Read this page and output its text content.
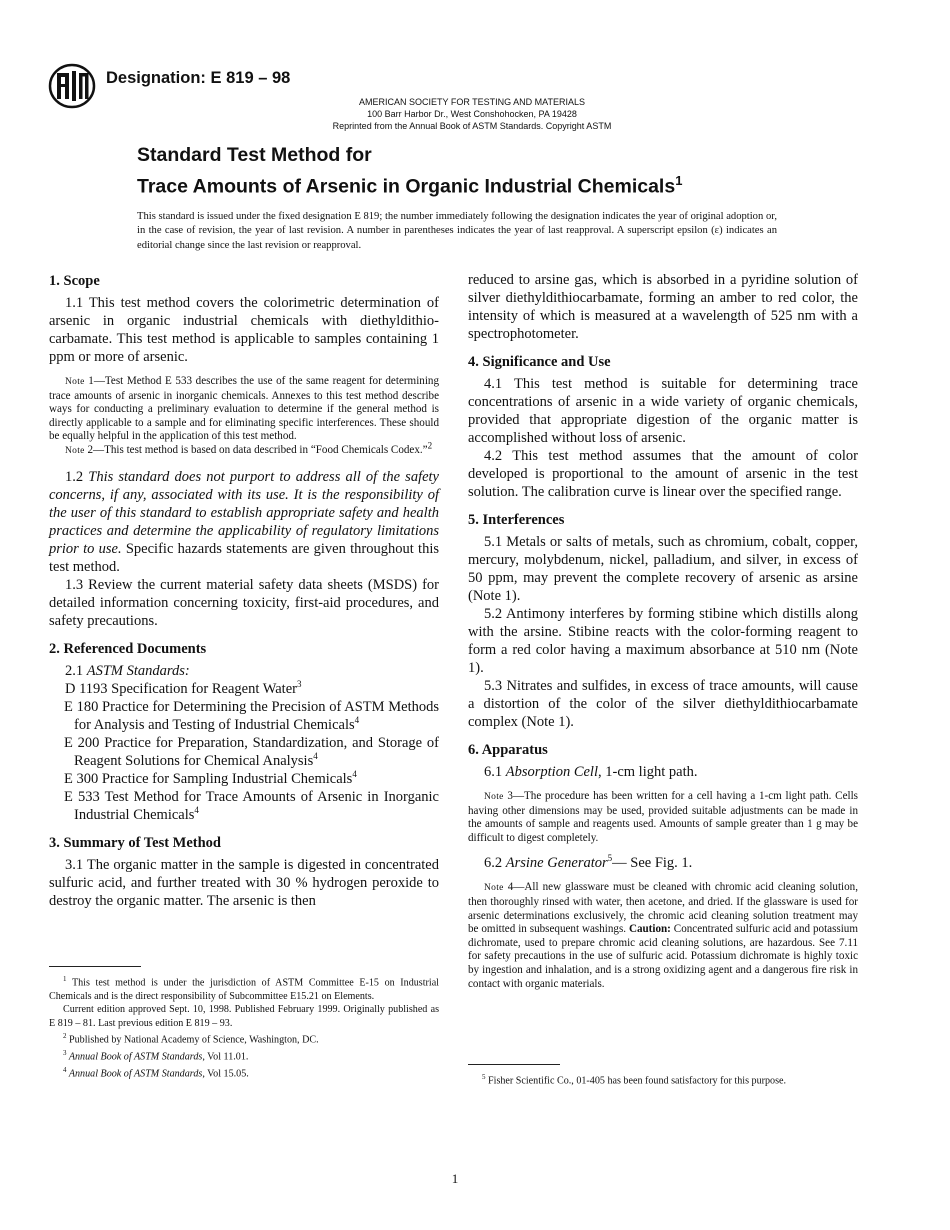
Designation: E 819 – 98
AMERICAN SOCIETY FOR TESTING AND MATERIALS
100 Barr Harbor Dr., West Conshohocken, PA 19428
Reprinted from the Annual Book of ASTM Standards. Copyright ASTM
Standard Test Method for
Trace Amounts of Arsenic in Organic Industrial Chemicals$^1$
This standard is issued under the fixed designation E 819; the number immediately following the designation indicates the year of original adoption or, in the case of revision, the year of last revision. A number in parentheses indicates the year of last reapproval. A superscript epsilon (ε) indicates an editorial change since the last revision or reapproval.
1. Scope

1.1 This test method covers the colorimetric determination of arsenic in organic industrial chemicals with diethyldithio-carbamate. This test method is applicable to samples containing 1 ppm or more of arsenic.

Note 1—Test Method E 533 describes the use of the same reagent for determining trace amounts of arsenic in inorganic chemicals. Annexes to this test method describe ways for conducting a preliminary evaluation to determine if the general method is directly applicable to a sample and for eliminating specific interferences. These should be equally helpful in the application of this test method.

Note 2—This test method is based on data described in “Food Chemicals Codex.”$^2$

1.2 This standard does not purport to address all of the safety concerns, if any, associated with its use. It is the responsibility of the user of this standard to establish appropriate safety and health practices and determine the applicability of regulatory limitations prior to use. Specific hazards statements are given throughout this test method.

1.3 Review the current material safety data sheets (MSDS) for detailed information concerning toxicity, first-aid procedures, and safety precautions.

2. Referenced Documents

2.1 ASTM Standards:

D 1193 Specification for Reagent Water$^3$
E 180 Practice for Determining the Precision of ASTM Methods for Analysis and Testing of Industrial Chemicals$^4$
E 200 Practice for Preparation, Standardization, and Storage of Reagent Solutions for Chemical Analysis$^4$
E 300 Practice for Sampling Industrial Chemicals$^4$
E 533 Test Method for Trace Amounts of Arsenic in Inorganic Industrial Chemicals$^4$
3. Summary of Test Method

3.1 The organic matter in the sample is digested in concentrated sulfuric acid, and further treated with 30 % hydrogen peroxide to destroy the organic matter. The arsenic is then

$^1$ This test method is under the jurisdiction of ASTM Committee E-15 on Industrial Chemicals and is the direct responsibility of Subcommittee E15.21 on Elements.

Current edition approved Sept. 10, 1998. Published February 1999. Originally published as E 819 – 81. Last previous edition E 819 – 93.

$^2$ Published by National Academy of Science, Washington, DC.

$^3$ Annual Book of ASTM Standards, Vol 11.01.

$^4$ Annual Book of ASTM Standards, Vol 15.05.

reduced to arsine gas, which is absorbed in a pyridine solution of silver diethyldithiocarbamate, forming an amber to red color, the intensity of which is measured at a wavelength of 525 nm with a spectrophotometer.

4. Significance and Use

4.1 This test method is suitable for determining trace concentrations of arsenic in a wide variety of organic chemicals, provided that appropriate digestion of the organic matter is accomplished without loss of arsenic.

4.2 This test method assumes that the amount of color developed is proportional to the amount of arsenic in the test solution. The calibration curve is linear over the specified range.

5. Interferences

5.1 Metals or salts of metals, such as chromium, cobalt, copper, mercury, molybdenum, nickel, palladium, and silver, in excess of 50 ppm, may prevent the complete recovery of arsenic as arsine (Note 1).

5.2 Antimony interferes by forming stibine which distills along with the arsine. Stibine reacts with the color-forming reagent to form a red color having a maximum absorbance at 510 nm (Note 1).

5.3 Nitrates and sulfides, in excess of trace amounts, will cause a distortion of the color of the silver diethyldithiocarbamate complex (Note 1).

6. Apparatus

6.1 Absorption Cell, 1-cm light path.

Note 3—The procedure has been written for a cell having a 1-cm light path. Cells having other dimensions may be used, provided suitable adjustments can be made in the amounts of sample and reagents used. Amounts of sample greater than 1 g may be difficult to digest completely.

6.2 Arsine Generator$^5$— See Fig. 1.

Note 4—All new glassware must be cleaned with chromic acid cleaning solution, then thoroughly rinsed with water, then acetone, and dried. If the glassware is used for arsenic determinations exclusively, the chromic acid cleaning solution treatment may be omitted in subsequent washings. Caution: Concentrated sulfuric acid and potassium dichromate, used to prepare chromic acid cleaning solutions, are hazardous. See 7.11 for safety precautions in the use of sulfuric acid. Potassium dichromate is highly toxic by ingestion and inhalation, and is a strong oxidizing agent and a dangerous fire risk in contact with organic materials.

$^5$ Fisher Scientific Co., 01-405 has been found satisfactory for this purpose.

1
